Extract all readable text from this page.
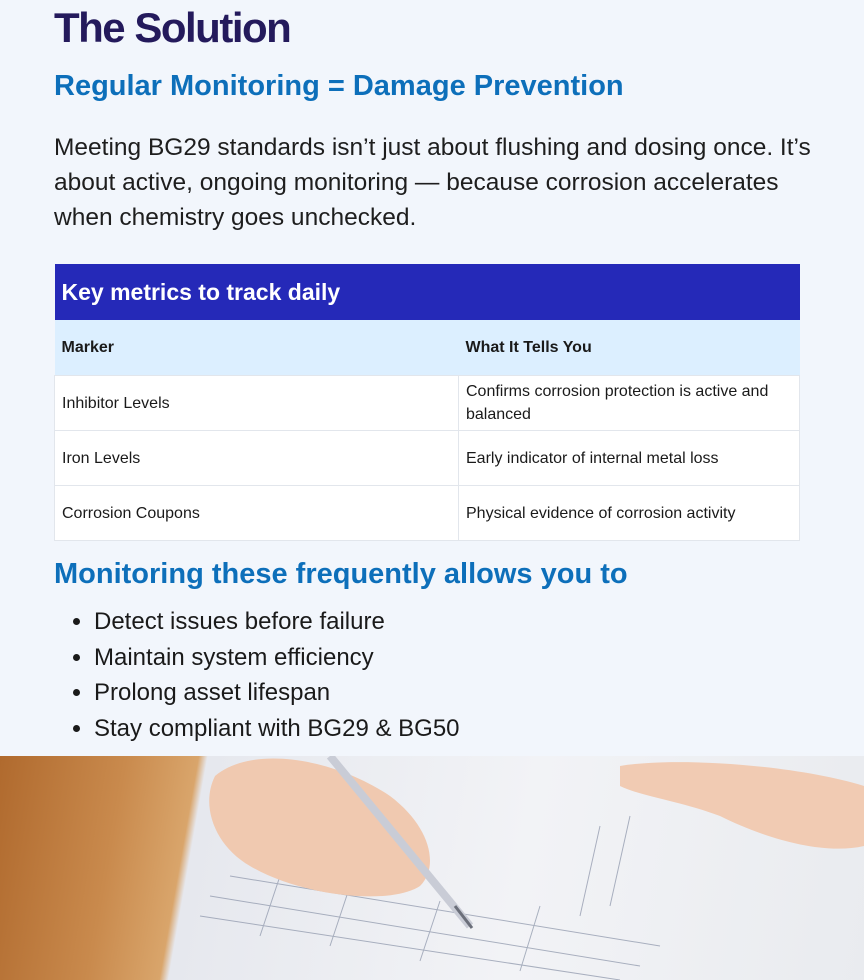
The Solution
Regular Monitoring = Damage Prevention

Meeting BG29 standards isn’t just about flushing and dosing once. It’s about active, ongoing monitoring — because corrosion accelerates when chemistry goes unchecked.

Key metrics to track daily	
Marker	What It Tells You
Inhibitor Levels	Confirms corrosion protection is active and balanced
Iron Levels	Early indicator of internal metal loss
Corrosion Coupons	Physical evidence of corrosion activity
Monitoring these frequently allows you to
• Detect issues before failure
• Maintain system efficiency
• Prolong asset lifespan
• Stay compliant with BG29 & BG50
